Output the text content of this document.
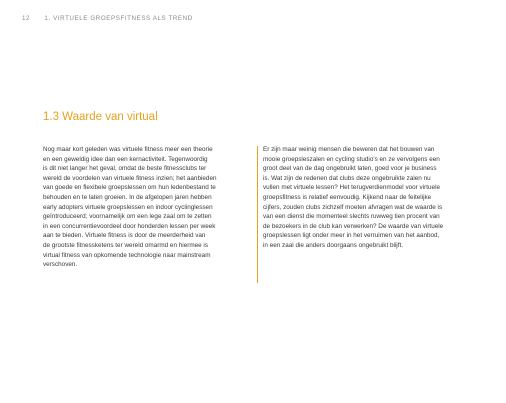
12 1. VIRTUELE GROEPSFITNESS ALS TREND
1.3 Waarde van virtual

Nog maar kort geleden was virtuele fitness meer een theorie
en een geweldig idee dan een kernactiviteit. Tegenwoordig
is dit niet langer het geval, omdat de beste fitnessclubs ter
wereld de voordelen van virtuele fitness inzien; het aanbieden
van goede en flexibele groepslessen om hun ledenbestand te
behouden en te laten groeien. In de afgelopen jaren hebben
early adopters virtuele groepslessen en indoor cyclinglessen
geïntroduceerd; voornamelijk om een lege zaal om te zetten
in een concurrentievoordeel door honderden lessen per week
aan te bieden. Virtuele fitness is door de meerderheid van
de grootste fitnessketens ter wereld omarmd en hiermee is
virtual fitness van opkomende technologie naar mainstream
verschoven.

Er zijn maar weinig mensen die beweren dat het bouwen van
mooie groepsleszalen en cycling studio's en ze vervolgens een
groot deel van de dag ongebruikt laten, goed voor je business
is. Wat zijn de redenen dat clubs deze ongebruikte zalen nu
vullen met virtuele lessen? Het terugverdienmodel voor virtuele
groepsfitness is relatief eenvoudig. Kijkend naar de feitelijke
cijfers, zouden clubs zichzelf moeten afvragen wat de waarde is
van een dienst die momenteel slechts ruwweg tien procent van
de bezoekers in de club kan verwerken? De waarde van virtuele
groepslessen ligt onder meer in het verruimen van het aanbod,
in een zaal die anders doorgaans ongebruikt blijft.
